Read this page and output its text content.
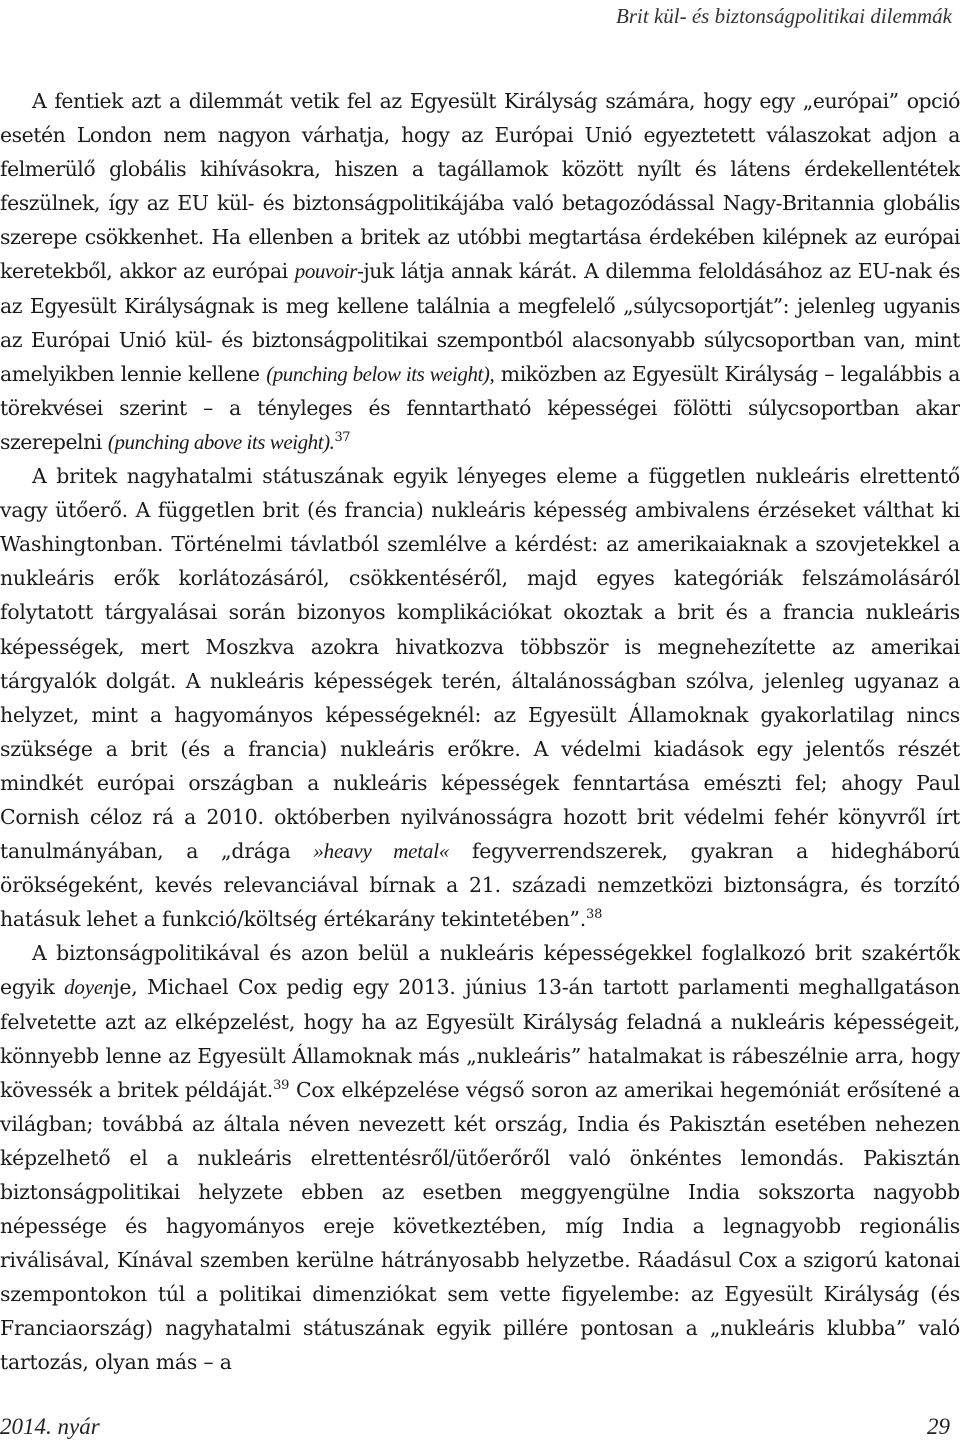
Brit kül- és biztonságpolitikai dilemmák

A fentiek azt a dilemmát vetik fel az Egyesült Királyság számára, hogy egy „európai” opció esetén London nem nagyon várhatja, hogy az Európai Unió egyeztetett válaszokat adjon a felmerülő globális kihívásokra, hiszen a tagállamok között nyílt és látens érdekellentétek feszülnek, így az EU kül- és biztonságpolitikájába való betagozódással Nagy-Britannia globális szerepe csökkenhet. Ha ellenben a britek az utóbbi megtartása érdekében kilépnek az európai keretekből, akkor az európai pouvoir-juk látja annak kárát. A dilemma feloldásához az EU-nak és az Egyesült Királyságnak is meg kellene találnia a megfelelő „súlycsoportját”: jelenleg ugyanis az Európai Unió kül- és biztonságpolitikai szempontból alacsonyabb súlycsoportban van, mint amelyikben lennie kellene (punching below its weight), miközben az Egyesült Királyság – legalábbis a törekvései szerint – a tényleges és fenntartható képességei fölötti súlycsoportban akar szerepelni (punching above its weight).$^{37}$

A britek nagyhatalmi státuszának egyik lényeges eleme a független nukleáris elrettentő vagy ütőerő. A független brit (és francia) nukleáris képesség ambivalens érzéseket válthat ki Washingtonban. Történelmi távlatból szemlélve a kérdést: az amerikaiaknak a szovjetekkel a nukleáris erők korlátozásáról, csökkentéséről, majd egyes kategóriák felszámolásáról folytatott tárgyalásai során bizonyos komplikációkat okoztak a brit és a francia nukleáris képességek, mert Moszkva azokra hivatkozva többször is megnehezítette az amerikai tárgyalók dolgát. A nukleáris képességek terén, általánosságban szólva, jelenleg ugyanaz a helyzet, mint a hagyományos képességeknél: az Egyesült Államoknak gyakorlatilag nincs szüksége a brit (és a francia) nukleáris erőkre. A védelmi kiadások egy jelentős részét mindkét európai országban a nukleáris képességek fenntartása emészti fel; ahogy Paul Cornish céloz rá a 2010. októberben nyilvánosságra hozott brit védelmi fehér könyvről írt tanulmányában, a „drága »heavy metal« fegyverrendszerek, gyakran a hidegháború örökségeként, kevés relevanciával bírnak a 21. századi nemzetközi biztonságra, és torzító hatásuk lehet a funkció/költség értékarány tekintetében”.$^{38}$

A biztonságpolitikával és azon belül a nukleáris képességekkel foglalkozó brit szakértők egyik doyenje, Michael Cox pedig egy 2013. június 13-án tartott parlamenti meghallgatáson felvetette azt az elképzelést, hogy ha az Egyesült Királyság feladná a nukleáris képességeit, könnyebb lenne az Egyesült Államoknak más „nukleáris” hatalmakat is rábeszélnie arra, hogy kövessék a britek példáját.$^{39}$ Cox elképzelése végső soron az amerikai hegemóniát erősítené a világban; továbbá az általa néven nevezett két ország, India és Pakisztán esetében nehezen képzelhető el a nukleáris elrettentésről/ütőerőről való önkéntes lemondás. Pakisztán biztonságpolitikai helyzete ebben az esetben meggyengülne India sokszorta nagyobb népessége és hagyományos ereje következtében, míg India a legnagyobb regionális riválisával, Kínával szemben kerülne hátrányosabb helyzetbe. Ráadásul Cox a szigorú katonai szempontokon túl a politikai dimenziókat sem vette figyelembe: az Egyesült Királyság (és Franciaország) nagyhatalmi státuszának egyik pillére pontosan a „nukleáris klubba” való tartozás, olyan más – a

2014. nyár	29
